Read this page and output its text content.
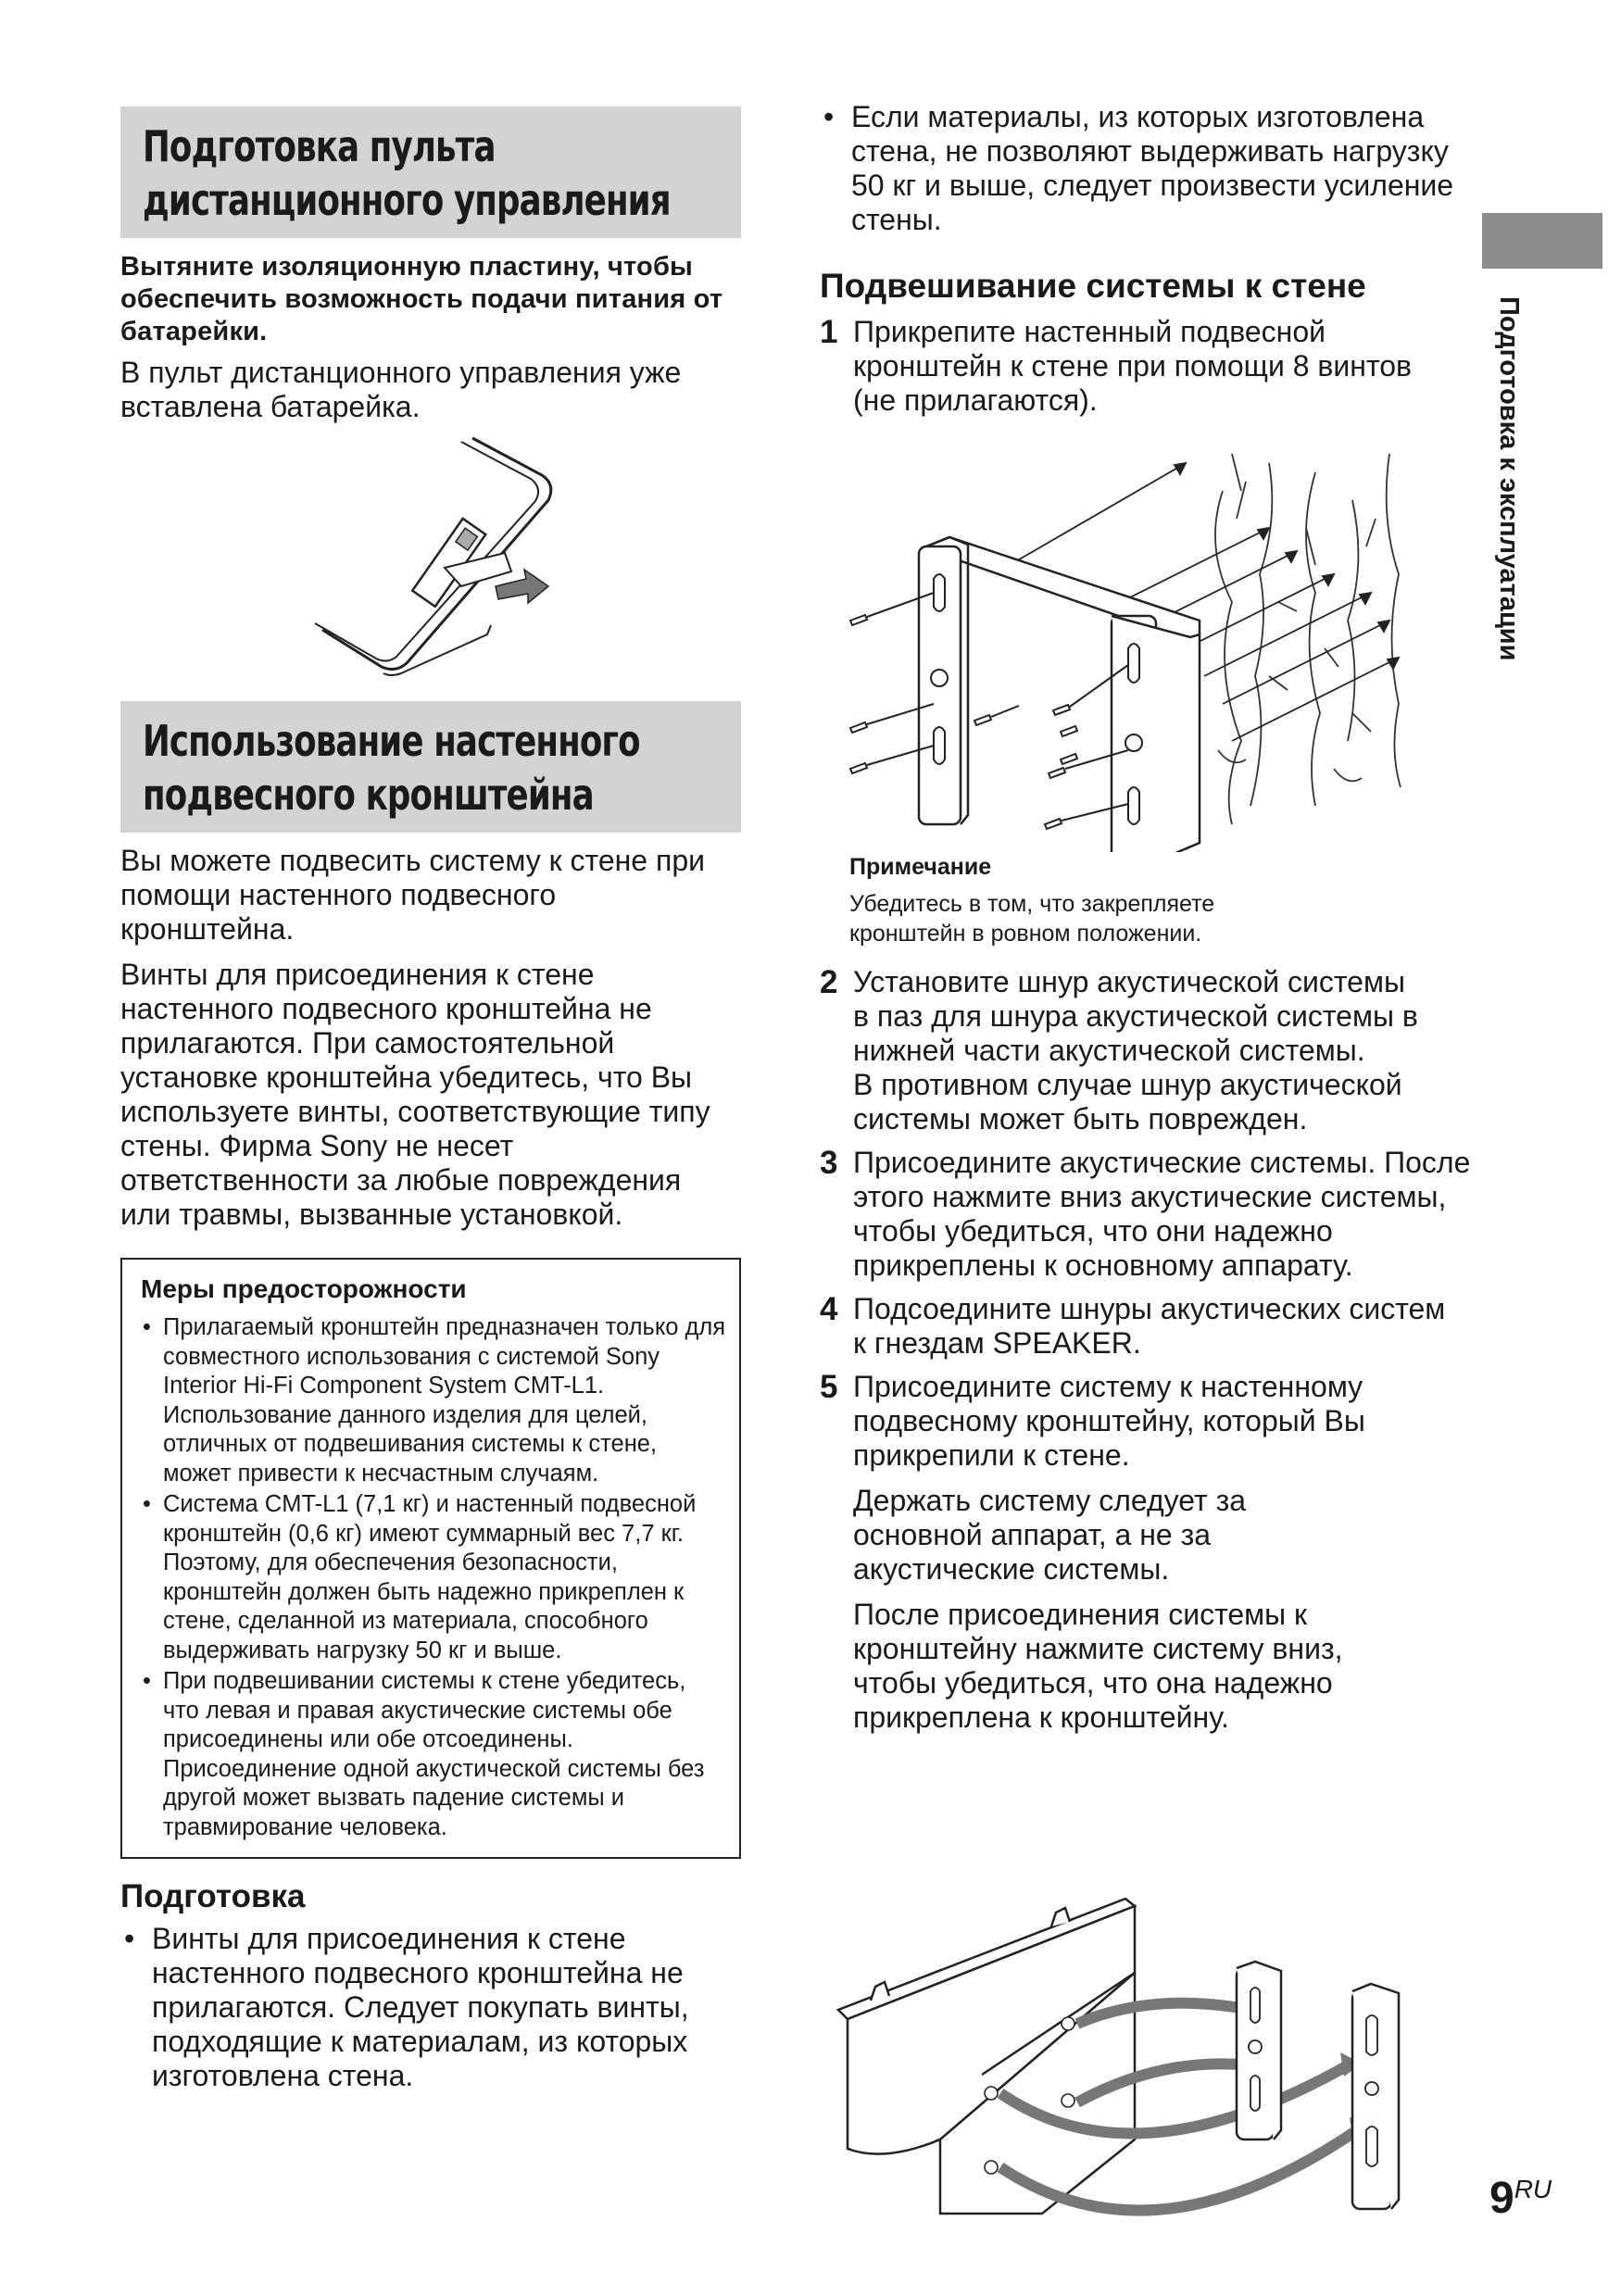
Подготовка пульта
дистанционного управления

Вытяните изоляционную пластину, чтобы обеспечить возможность подачи питания от батарейки.

В пульт дистанционного управления уже вставлена батарейка.

Использование настенного
подвесного кронштейна

Вы можете подвесить систему к стене при помощи настенного подвесного кронштейна.

Винты для присоединения к стене настенного подвесного кронштейна не прилагаются. При самостоятельной установке кронштейна убедитесь, что Вы используете винты, соответствующие типу стены. Фирма Sony не несет ответственности за любые повреждения или травмы, вызванные установкой.

Меры предосторожности
• Прилагаемый кронштейн предназначен только для совместного использования с системой Sony Interior Hi-Fi Component System CMT-L1. Использование данного изделия для целей, отличных от подвешивания системы к стене, может привести к несчастным случаям.
• Система CMT-L1 (7,1 кг) и настенный подвесной кронштейн (0,6 кг) имеют суммарный вес 7,7 кг. Поэтому, для обеспечения безопасности, кронштейн должен быть надежно прикреплен к стене, сделанной из материала, способного выдерживать нагрузку 50 кг и выше.
• При подвешивании системы к стене убедитесь, что левая и правая акустические системы обе присоединены или обе отсоединены. Присоединение одной акустической системы без другой может вызвать падение системы и травмирование человека.
Подготовка

• Винты для присоединения к стене настенного подвесного кронштейна не прилагаются. Следует покупать винты, подходящие к материалам, из которых изготовлена стена.

• Если материалы, из которых изготовлена стена, не позволяют выдерживать нагрузку 50 кг и выше, следует произвести усиление стены.

Подвешивание системы к стене
1 Прикрепите настенный подвесной кронштейн к стене при помощи 8 винтов (не прилагаются).
Примечание
Убедитесь в том, что закрепляете кронштейн в ровном положении.
2 Установите шнур акустической системы в паз для шнура акустической системы в нижней части акустической системы.
В противном случае шнур акустической системы может быть поврежден.
3 Присоедините акустические системы. После этого нажмите вниз акустические системы, чтобы убедиться, что они надежно прикреплены к основному аппарату.
4 Подсоедините шнуры акустических систем к гнездам SPEAKER.
5 Присоедините систему к настенному подвесному кронштейну, который Вы прикрепили к стене.
Держать систему следует за основной аппарат, а не за акустические системы.
После присоединения системы к кронштейну нажмите систему вниз, чтобы убедиться, что она надежно прикреплена к кронштейну.
Подготовка к эксплуатации
$9^{RU}$
